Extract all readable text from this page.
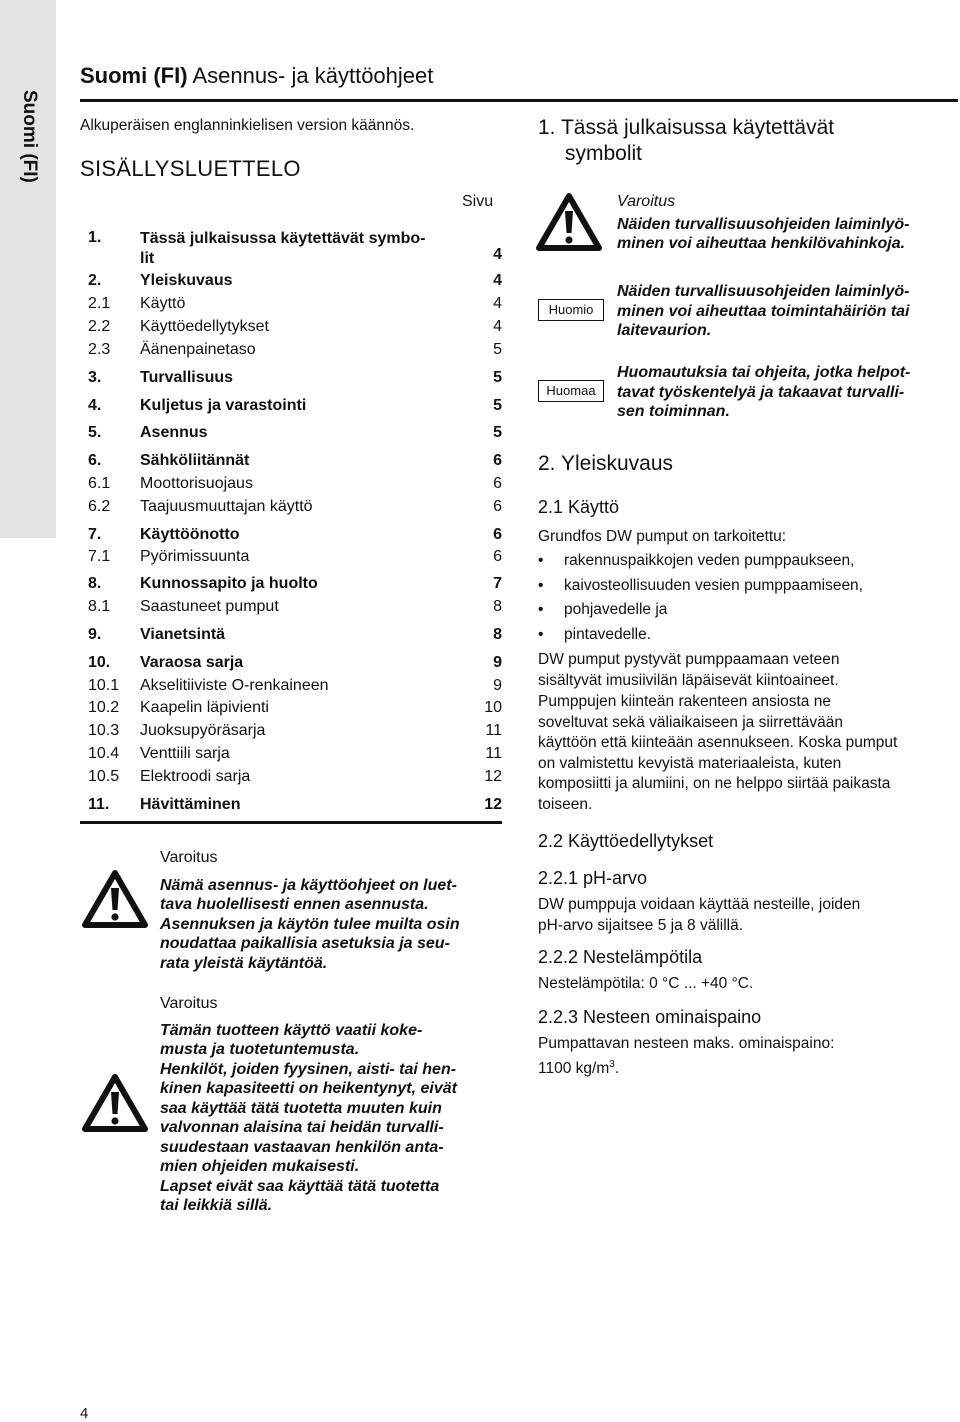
Suomi (FI)
Suomi (FI) Asennus- ja käyttöohjeet
Alkuperäisen englanninkielisen version käännös.
SISÄLLYSLUETTELO
Sivu
1. Tässä julkaisussa käytettävät symbo-
lit	4
2. Yleiskuvaus	4
2.1 Käyttö	4
2.2 Käyttöedellytykset	4
2.3 Äänenpainetaso	5
3. Turvallisuus	5
4. Kuljetus ja varastointi	5
5. Asennus	5
6. Sähköliitännät	6
6.1 Moottorisuojaus	6
6.2 Taajuusmuuttajan käyttö	6
7. Käyttöönotto	6
7.1 Pyörimissuunta	6
8. Kunnossapito ja huolto	7
8.1 Saastuneet pumput	8
9. Vianetsintä	8
10. Varaosa sarja	9
10.1 Akselitiiviste O-renkaineen	9
10.2 Kaapelin läpivienti	10
10.3 Juoksupyöräsarja	11
10.4 Venttiili sarja	11
10.5 Elektroodi sarja	12
11. Hävittäminen	12
Varoitus
Nämä asennus- ja käyttöohjeet on luet-
tava huolellisesti ennen asennusta.
Asennuksen ja käytön tulee muilta osin
noudattaa paikallisia asetuksia ja seu-
rata yleistä käytäntöä.
Varoitus
Tämän tuotteen käyttö vaatii koke-
musta ja tuotetuntemusta.
Henkilöt, joiden fyysinen, aisti- tai hen-
kinen kapasiteetti on heikentynyt, eivät
saa käyttää tätä tuotetta muuten kuin
valvonnan alaisina tai heidän turvalli-
suudestaan vastaavan henkilön anta-
mien ohjeiden mukaisesti.
Lapset eivät saa käyttää tätä tuotetta
tai leikkiä sillä.
1. Tässä julkaisussa käytettävät
symbolit
Varoitus
Näiden turvallisuusohjeiden laiminlyö-
minen voi aiheuttaa henkilövahinkoja.
Huomio
Näiden turvallisuusohjeiden laiminlyö-
minen voi aiheuttaa toimintahäiriön tai
laitevaurion.
Huomaa
Huomautuksia tai ohjeita, jotka helpot-
tavat työskentelyä ja takaavat turvalli-
sen toiminnan.
2. Yleiskuvaus
2.1 Käyttö
Grundfos DW pumput on tarkoitettu:
• rakennuspaikkojen veden pumppaukseen,
• kaivosteollisuuden vesien pumppaamiseen,
• pohjavedelle ja
• pintavedelle.
DW pumput pystyvät pumppaamaan veteen
sisältyvät imusiivilän läpäisevät kiintoaineet.
Pumppujen kiinteän rakenteen ansiosta ne
soveltuvat sekä väliaikaiseen ja siirrettävään
käyttöön että kiinteään asennukseen. Koska pumput
on valmistettu kevyistä materiaaleista, kuten
komposiitti ja alumiini, on ne helppo siirtää paikasta
toiseen.
2.2 Käyttöedellytykset
2.2.1 pH-arvo
DW pumppuja voidaan käyttää nesteille, joiden
pH-arvo sijaitsee 5 ja 8 välillä.
2.2.2 Nestelämpötila
Nestelämpötila: 0 °C ... +40 °C.
2.2.3 Nesteen ominaispaino
Pumpattavan nesteen maks. ominaispaino:
1100 $kg/m^3$.
4
